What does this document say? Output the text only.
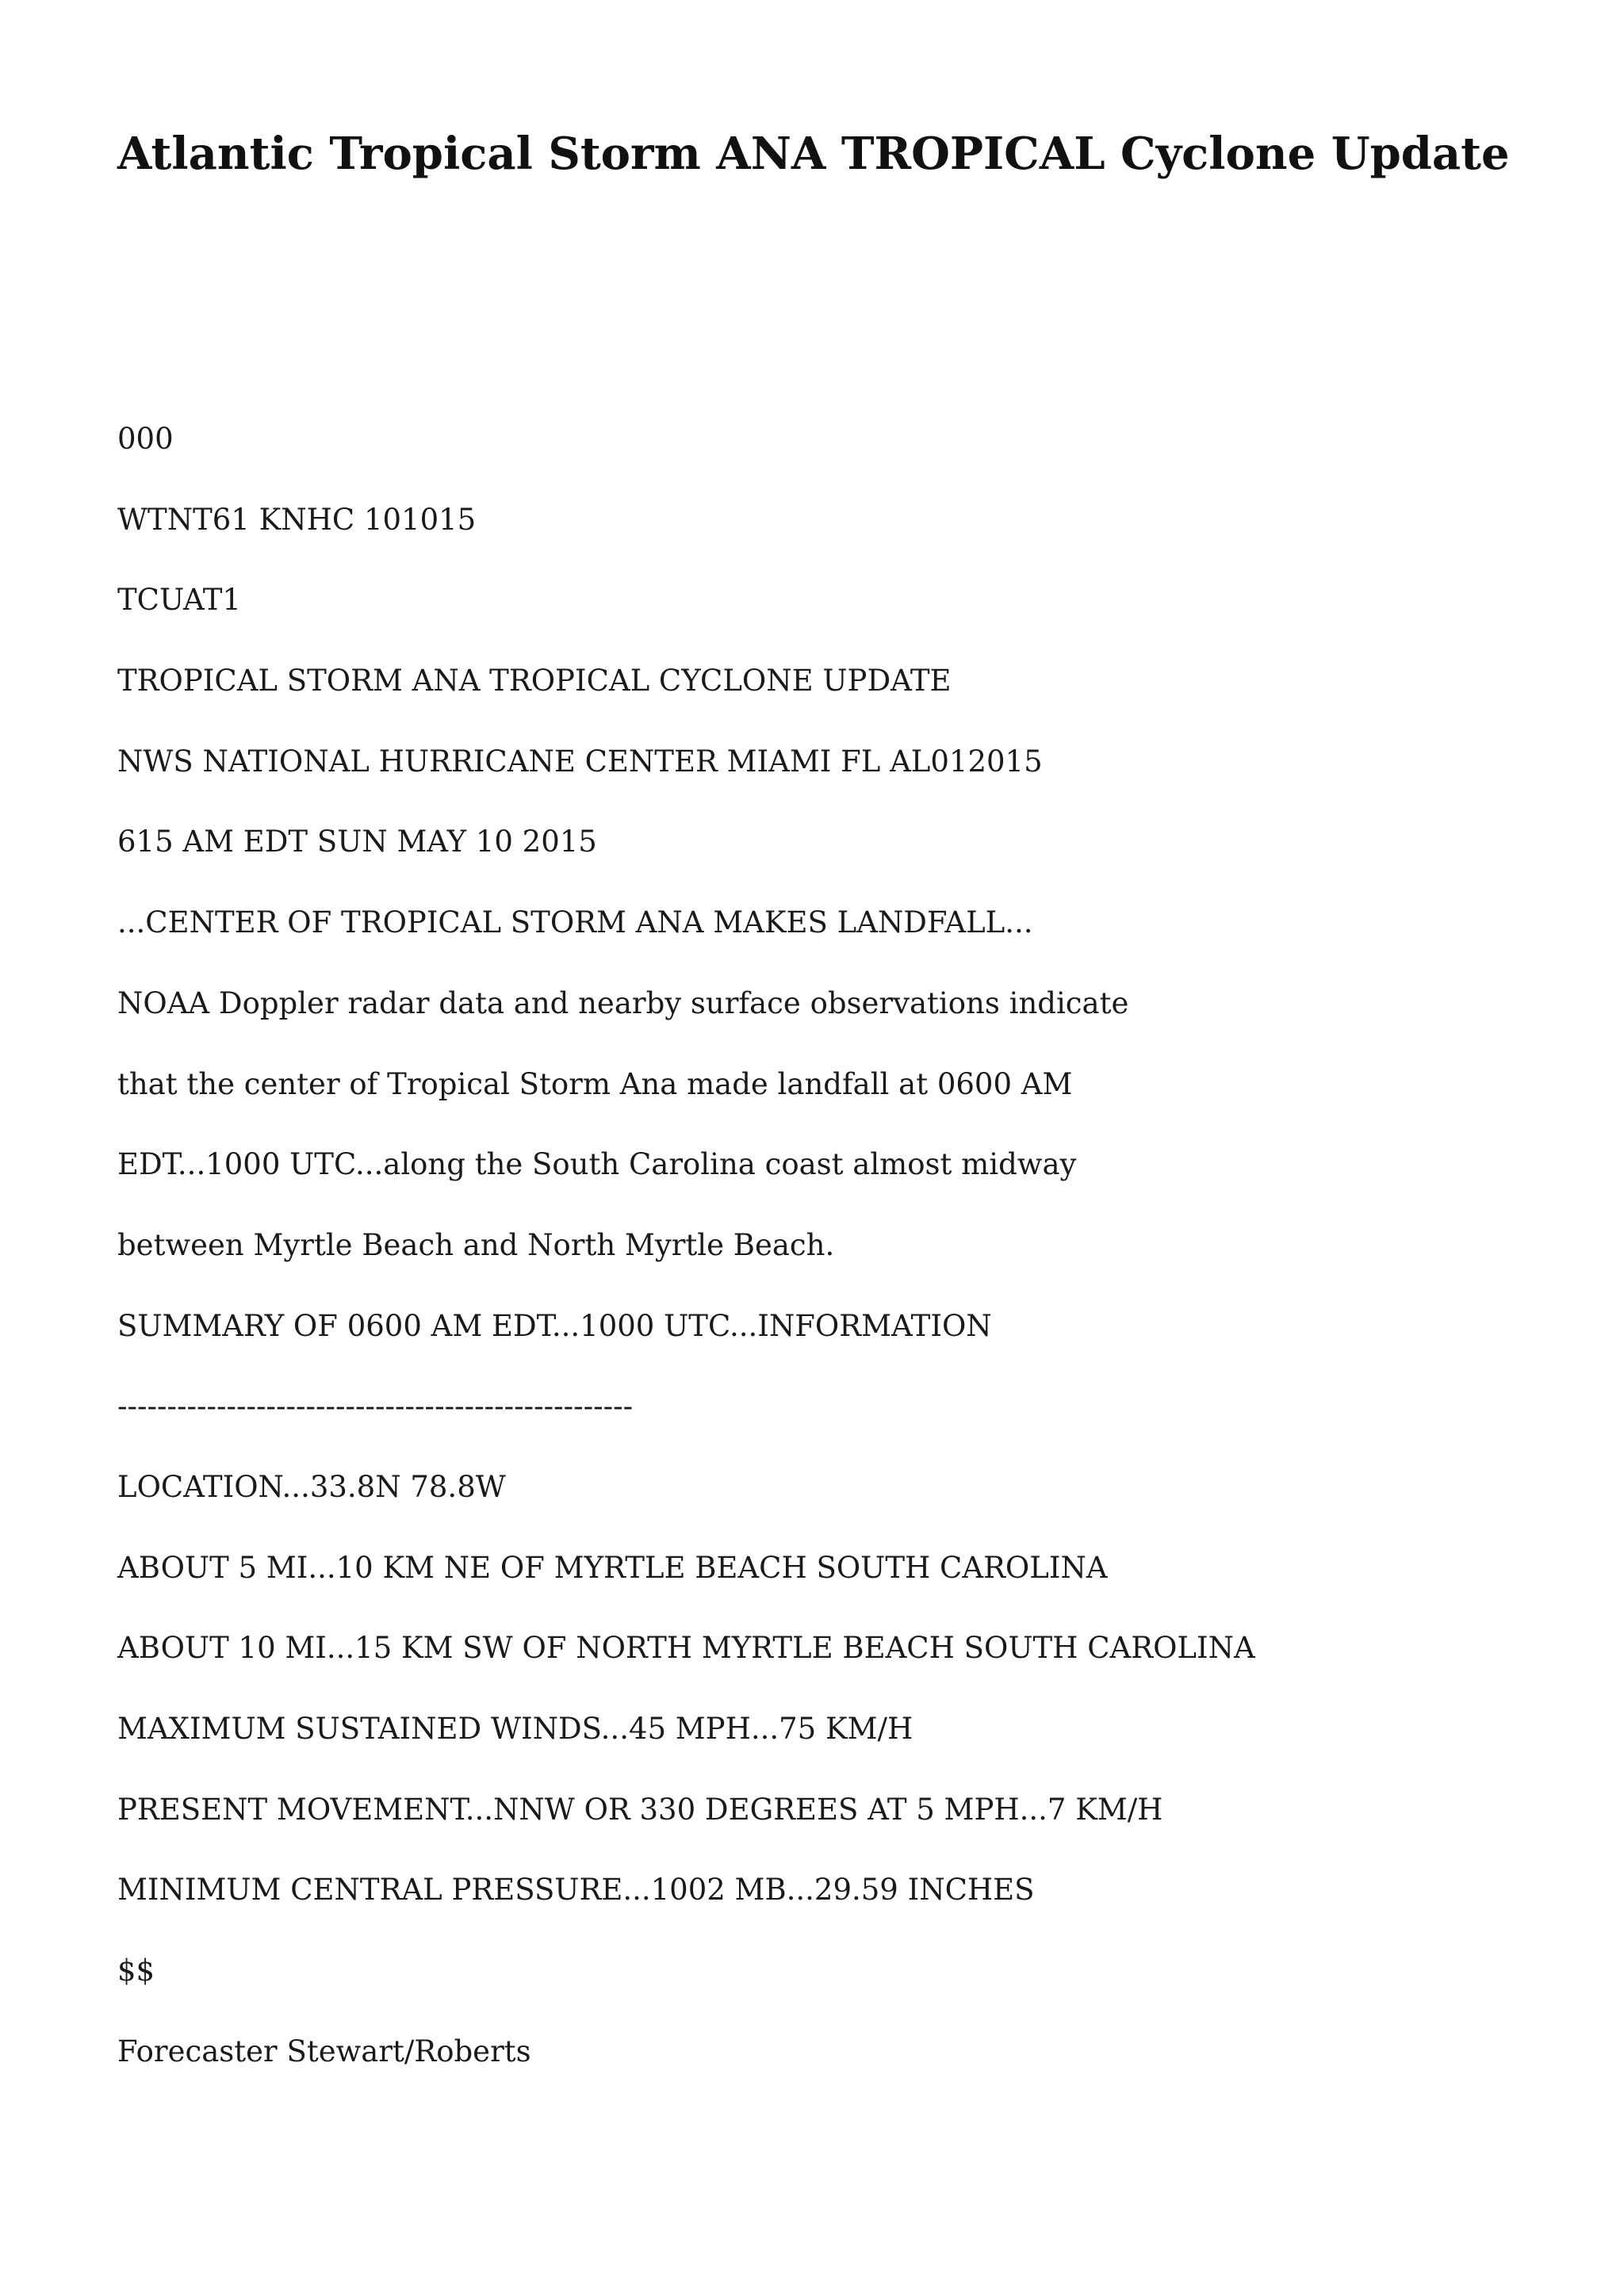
Atlantic Tropical Storm ANA TROPICAL Cyclone Update
000
WTNT61 KNHC 101015
TCUAT1
TROPICAL STORM ANA TROPICAL CYCLONE UPDATE
NWS NATIONAL HURRICANE CENTER MIAMI FL AL012015
615 AM EDT SUN MAY 10 2015
...CENTER OF TROPICAL STORM ANA MAKES LANDFALL...
NOAA Doppler radar data and nearby surface observations indicate
that the center of Tropical Storm Ana made landfall at 0600 AM
EDT...1000 UTC...along the South Carolina coast almost midway
between Myrtle Beach and North Myrtle Beach.
SUMMARY OF 0600 AM EDT...1000 UTC...INFORMATION
----------------------------------------------------
LOCATION...33.8N 78.8W
ABOUT 5 MI...10 KM NE OF MYRTLE BEACH SOUTH CAROLINA
ABOUT 10 MI...15 KM SW OF NORTH MYRTLE BEACH SOUTH CAROLINA
MAXIMUM SUSTAINED WINDS...45 MPH...75 KM/H
PRESENT MOVEMENT...NNW OR 330 DEGREES AT 5 MPH...7 KM/H
MINIMUM CENTRAL PRESSURE...1002 MB...29.59 INCHES
$$
Forecaster Stewart/Roberts
